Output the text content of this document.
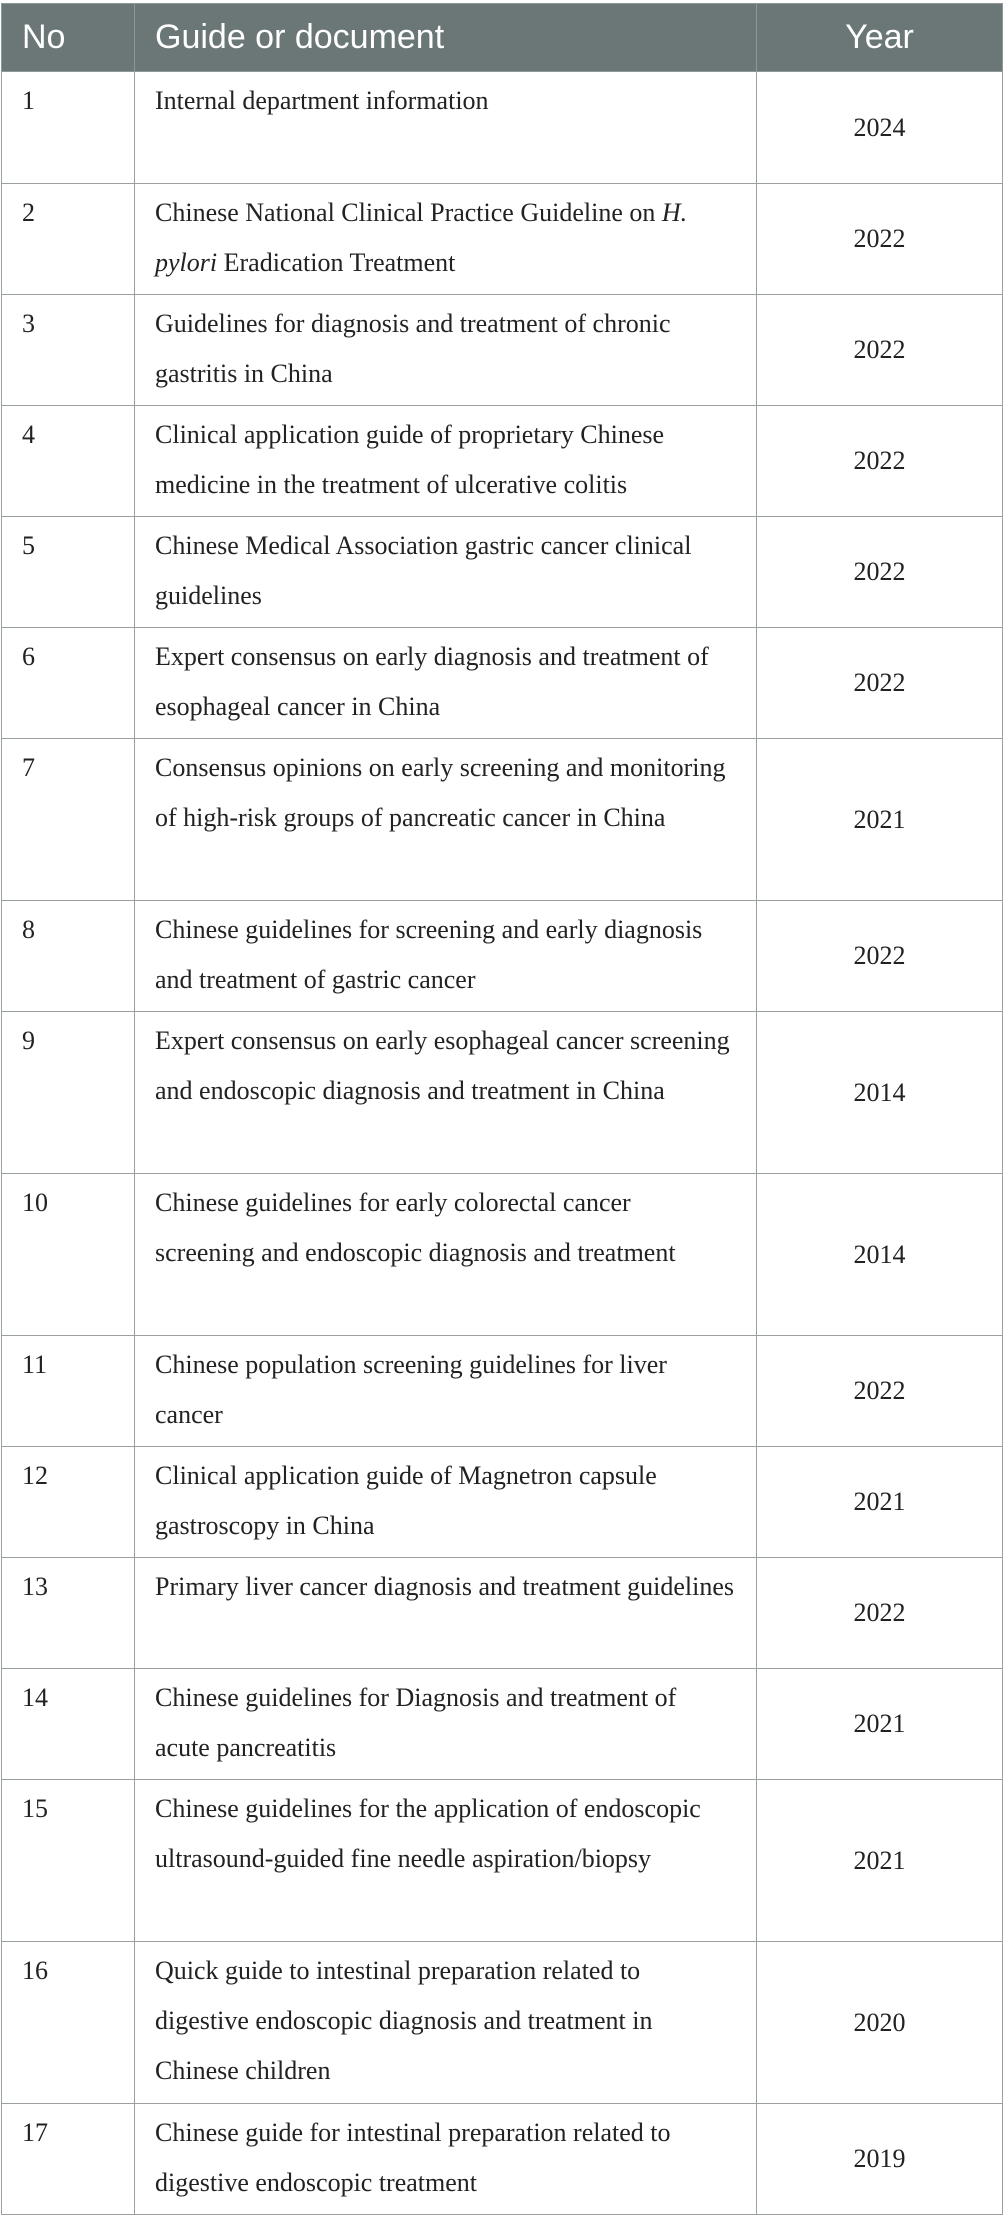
No	Guide or document	Year
1	Internal department information	2024
2	Chinese National Clinical Practice Guideline on H. pylori Eradication Treatment	2022
3	Guidelines for diagnosis and treatment of chronic gastritis in China	2022
4	Clinical application guide of proprietary Chinese medicine in the treatment of ulcerative colitis	2022
5	Chinese Medical Association gastric cancer clinical guidelines	2022
6	Expert consensus on early diagnosis and treatment of esophageal cancer in China	2022
7	Consensus opinions on early screening and monitoring of high-risk groups of pancreatic cancer in China	2021
8	Chinese guidelines for screening and early diagnosis and treatment of gastric cancer	2022
9	Expert consensus on early esophageal cancer screening and endoscopic diagnosis and treatment in China	2014
10	Chinese guidelines for early colorectal cancer screening and endoscopic diagnosis and treatment	2014
11	Chinese population screening guidelines for liver cancer	2022
12	Clinical application guide of Magnetron capsule gastroscopy in China	2021
13	Primary liver cancer diagnosis and treatment guidelines	2022
14	Chinese guidelines for Diagnosis and treatment of acute pancreatitis	2021
15	Chinese guidelines for the application of endoscopic ultrasound-guided fine needle aspiration/biopsy	2021
16	Quick guide to intestinal preparation related to digestive endoscopic diagnosis and treatment in Chinese children	2020
17	Chinese guide for intestinal preparation related to digestive endoscopic treatment	2019
